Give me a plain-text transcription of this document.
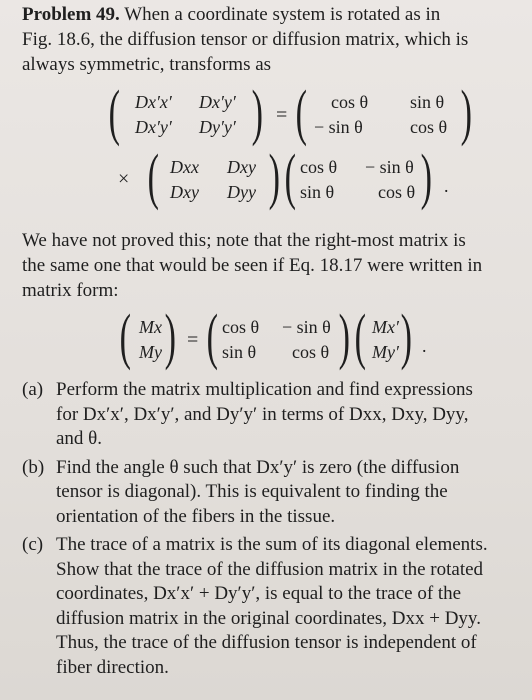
Problem 49. When a coordinate system is rotated as in
Fig. 18.6, the diffusion tensor or diffusion matrix, which is
always symmetric, transforms as
( Dx′x′ Dx′y′
Dx′y′ Dy′y′ ) = ( cos θ sin θ
− sin θ	cos θ )
× ( Dxx Dxy
Dxy Dyy ) ( cos θ − sin θ
sin θ cos θ ) .
We have not proved this; note that the right-most matrix is
the same one that would be seen if Eq. 18.17 were written in
matrix form:
( Mx
My ) = ( cos θ − sin θ
sin θ cos θ ) ( Mx′
My′ ) .
(a) Perform the matrix multiplication and find expressions
for Dx′x′, Dx′y′, and Dy′y′ in terms of Dxx, Dxy, Dyy,
and θ.
(b) Find the angle θ such that Dx′y′ is zero (the diffusion
tensor is diagonal). This is equivalent to finding the
orientation of the fibers in the tissue.
(c) The trace of a matrix is the sum of its diagonal elements.
Show that the trace of the diffusion matrix in the rotated
coordinates, Dx′x′ + Dy′y′, is equal to the trace of the
diffusion matrix in the original coordinates, Dxx + Dyy.
Thus, the trace of the diffusion tensor is independent of
fiber direction.
